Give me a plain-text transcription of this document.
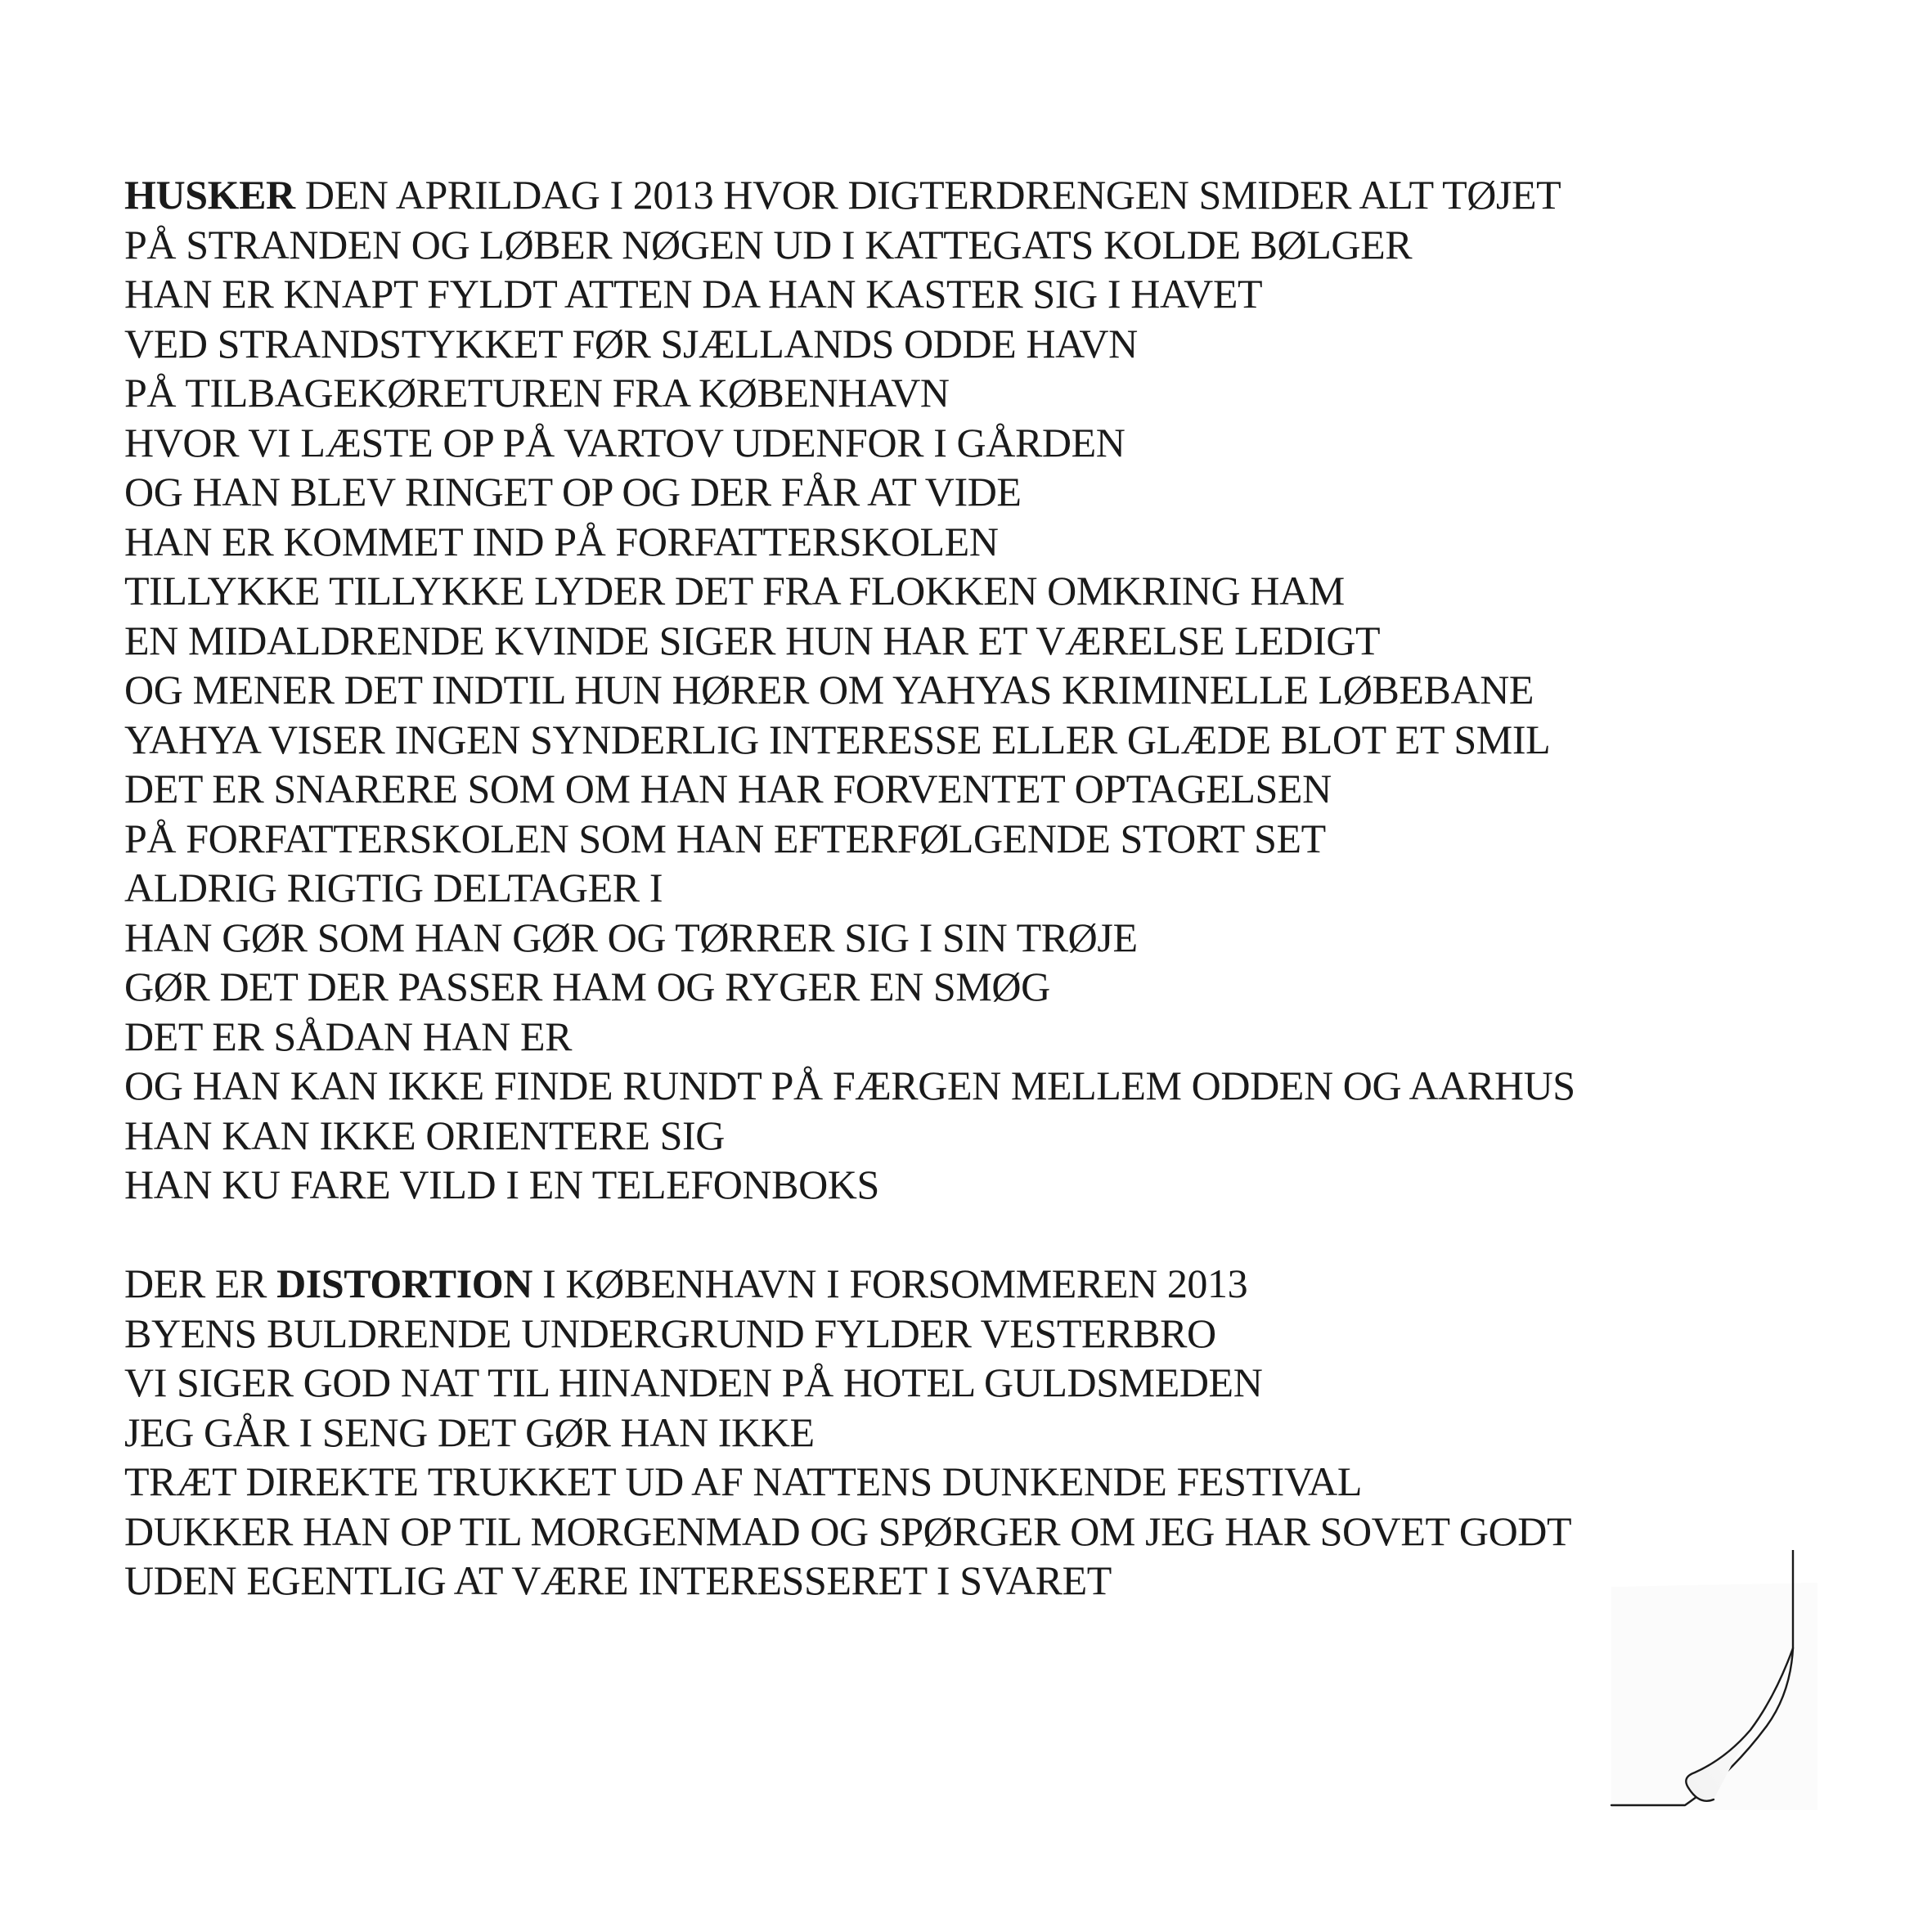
HUSKER DEN APRILDAG I 2013 HVOR DIGTERDRENGEN SMIDER ALT TØJET
PÅ STRANDEN OG LØBER NØGEN UD I KATTEGATS KOLDE BØLGER
HAN ER KNAPT FYLDT ATTEN DA HAN KASTER SIG I HAVET
VED STRANDSTYKKET FØR SJÆLLANDS ODDE HAVN
PÅ TILBAGEKØRETUREN FRA KØBENHAVN
HVOR VI LÆSTE OP PÅ VARTOV UDENFOR I GÅRDEN
OG HAN BLEV RINGET OP OG DER FÅR AT VIDE
HAN ER KOMMET IND PÅ FORFATTERSKOLEN
TILLYKKE TILLYKKE LYDER DET FRA FLOKKEN OMKRING HAM
EN MIDALDRENDE KVINDE SIGER HUN HAR ET VÆRELSE LEDIGT
OG MENER DET INDTIL HUN HØRER OM YAHYAS KRIMINELLE LØBEBANE
YAHYA VISER INGEN SYNDERLIG INTERESSE ELLER GLÆDE BLOT ET SMIL
DET ER SNARERE SOM OM HAN HAR FORVENTET OPTAGELSEN
PÅ FORFATTERSKOLEN SOM HAN EFTERFØLGENDE STORT SET
ALDRIG RIGTIG DELTAGER I
HAN GØR SOM HAN GØR OG TØRRER SIG I SIN TRØJE
GØR DET DER PASSER HAM OG RYGER EN SMØG
DET ER SÅDAN HAN ER
OG HAN KAN IKKE FINDE RUNDT PÅ FÆRGEN MELLEM ODDEN OG AARHUS
HAN KAN IKKE ORIENTERE SIG
HAN KU FARE VILD I EN TELEFONBOKS
DER ER DISTORTION I KØBENHAVN I FORSOMMEREN 2013
BYENS BULDRENDE UNDERGRUND FYLDER VESTERBRO
VI SIGER GOD NAT TIL HINANDEN PÅ HOTEL GULDSMEDEN
JEG GÅR I SENG DET GØR HAN IKKE
TRÆT DIREKTE TRUKKET UD AF NATTENS DUNKENDE FESTIVAL
DUKKER HAN OP TIL MORGENMAD OG SPØRGER OM JEG HAR SOVET GODT
UDEN EGENTLIG AT VÆRE INTERESSERET I SVARET
